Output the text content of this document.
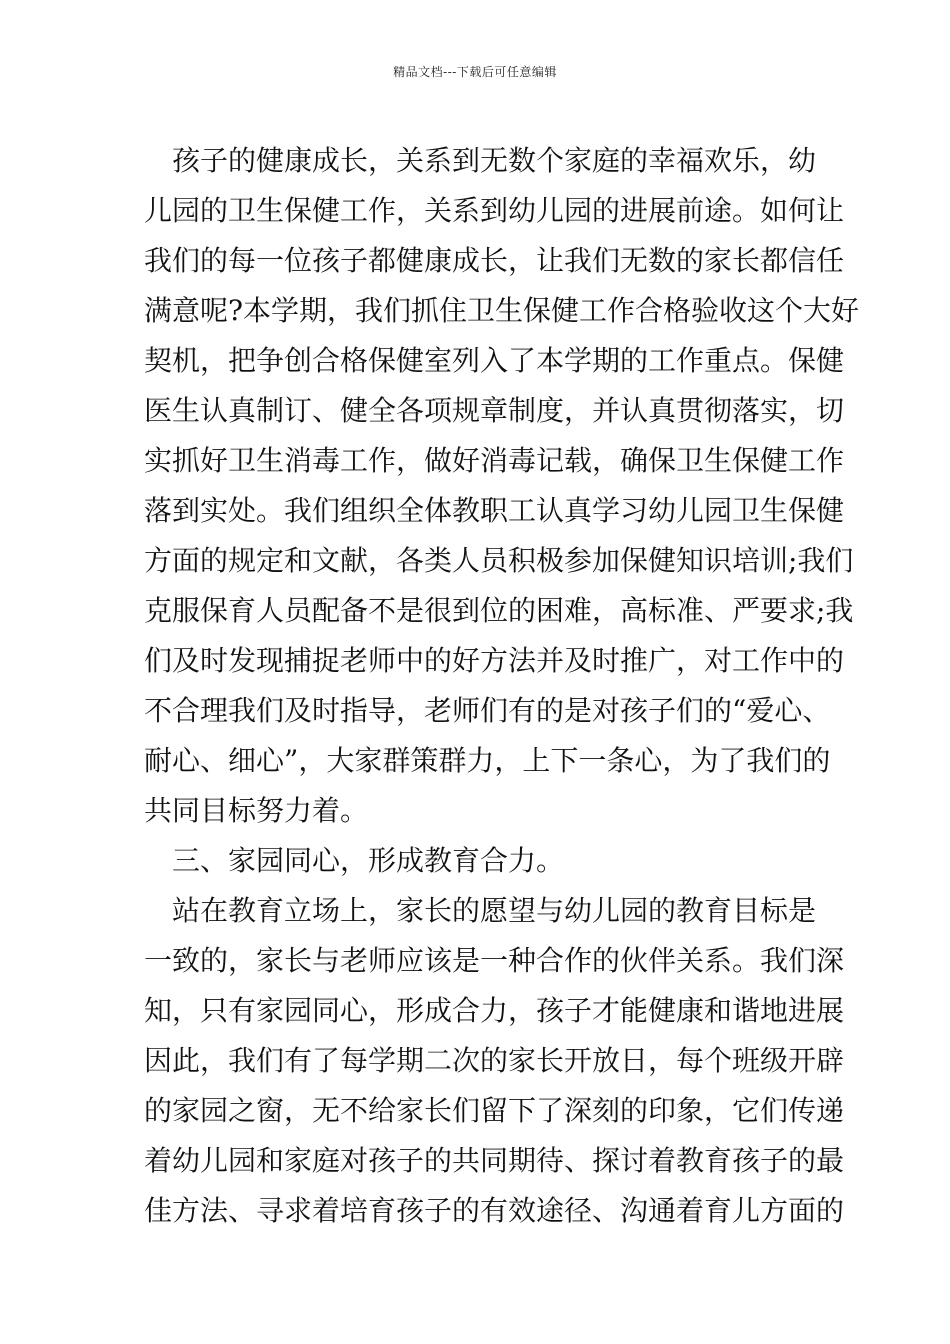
精品文档---下载后可任意编辑
　孩子的健康成长，关系到无数个家庭的幸福欢乐，幼
儿园的卫生保健工作，关系到幼儿园的进展前途。如何让
我们的每一位孩子都健康成长，让我们无数的家长都信任
满意呢?本学期，我们抓住卫生保健工作合格验收这个大好
契机，把争创合格保健室列入了本学期的工作重点。保健
医生认真制订、健全各项规章制度，并认真贯彻落实，切
实抓好卫生消毒工作，做好消毒记载，确保卫生保健工作
落到实处。我们组织全体教职工认真学习幼儿园卫生保健
方面的规定和文献，各类人员积极参加保健知识培训;我们
克服保育人员配备不是很到位的困难，高标准、严要求;我
们及时发现捕捉老师中的好方法并及时推广，对工作中的
不合理我们及时指导，老师们有的是对孩子们的“爱心、
耐心、细心”，大家群策群力，上下一条心，为了我们的
共同目标努力着。
　三、家园同心，形成教育合力。
　站在教育立场上，家长的愿望与幼儿园的教育目标是
一致的，家长与老师应该是一种合作的伙伴关系。我们深
知，只有家园同心，形成合力，孩子才能健康和谐地进展
因此，我们有了每学期二次的家长开放日，每个班级开辟
的家园之窗，无不给家长们留下了深刻的印象，它们传递
着幼儿园和家庭对孩子的共同期待、探讨着教育孩子的最
佳方法、寻求着培育孩子的有效途径、沟通着育儿方面的
